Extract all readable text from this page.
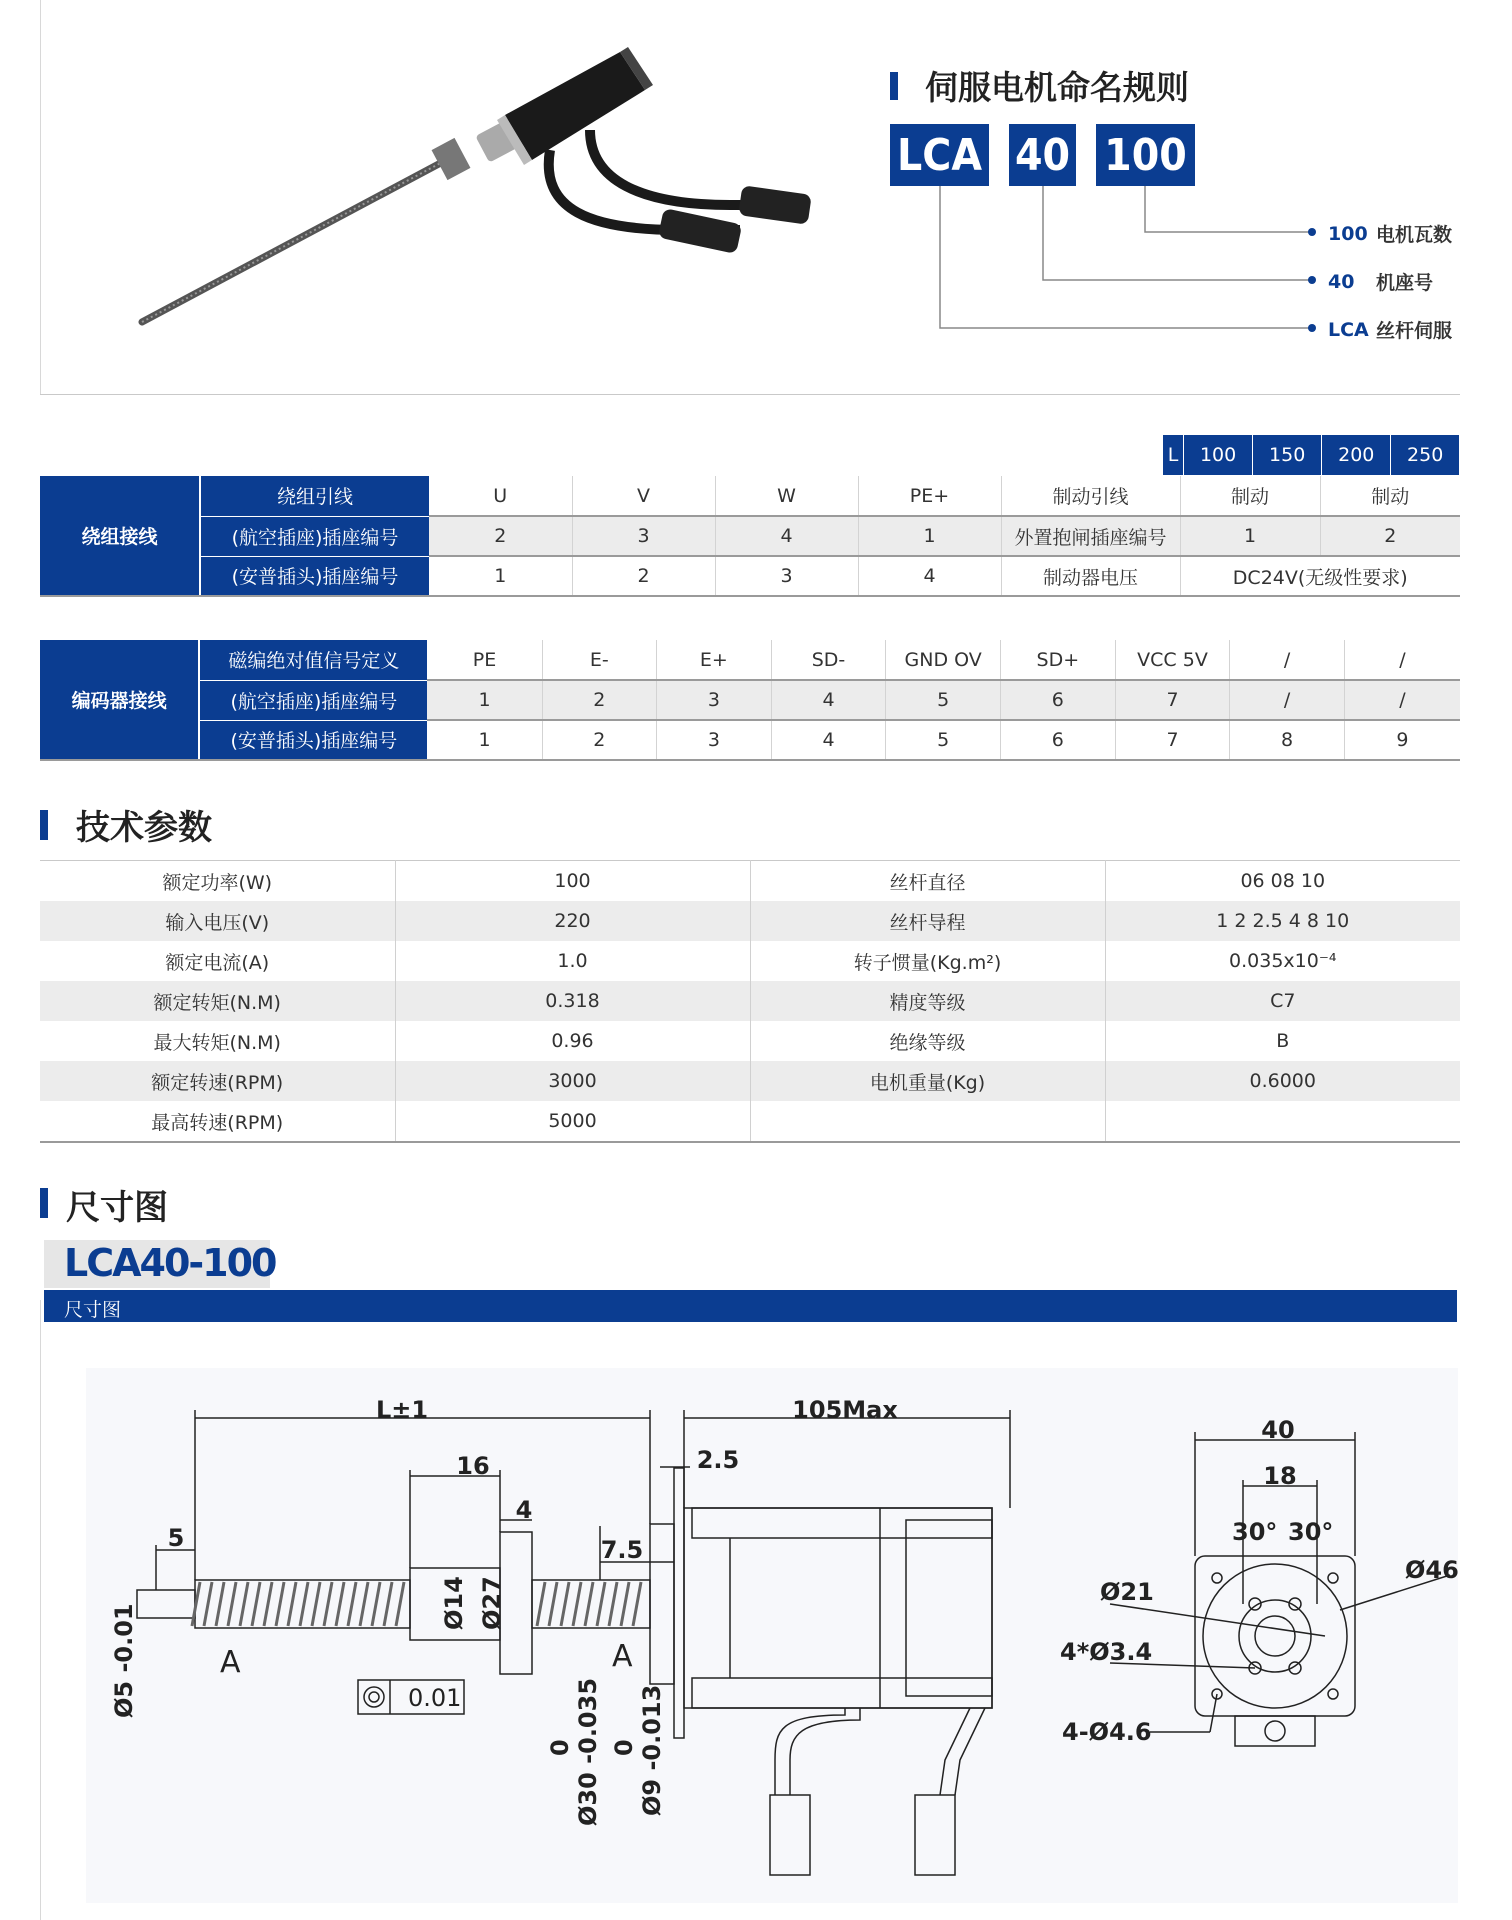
伺服电机命名规则
LCA 40 100
100 电机瓦数
40	机座号
LCA 丝杆伺服
L	100	150	200	250
绕组接线	绕组引线	U	V	W	PE+	制动引线	制动	制动
	(航空插座)插座编号	2	3	4	1	外置抱闸插座编号	1	2
	(安普插头)插座编号	1	2	3	4	制动器电压	DC24V(无级性要求)	
编码器接线	磁编绝对值信号定义	PE	E-	E+	SD-	GND OV	SD+	VCC 5V	/	/
	(航空插座)插座编号	1	2	3	4	5	6	7	/	/
	(安普插头)插座编号	1	2	3	4	5	6	7	8	9
技术参数
额定功率(W)	100	丝杆直径	06 08 10
输入电压(V)	220	丝杆导程	1 2 2.5 4 8 10
额定电流(A)	1.0	转子惯量(Kg.m²)	0.035x10⁻⁴
额定转矩(N.M)	0.318	精度等级	C7
最大转矩(N.M)	0.96	绝缘等级	B
额定转速(RPM)	3000	电机重量(Kg)	0.6000
最高转速(RPM)	5000		
尺寸图
LCA40-100
尺寸图
L±1	105Max
16
4
2.5
5	7.5
A	A
0.01
40
18
30° 30°
Ø21
Ø46
4*Ø3.4
4-Ø4.6
Ø5 -0.01
Ø30 -0.035
0	Ø9 -0.013
0
Ø14 Ø27
